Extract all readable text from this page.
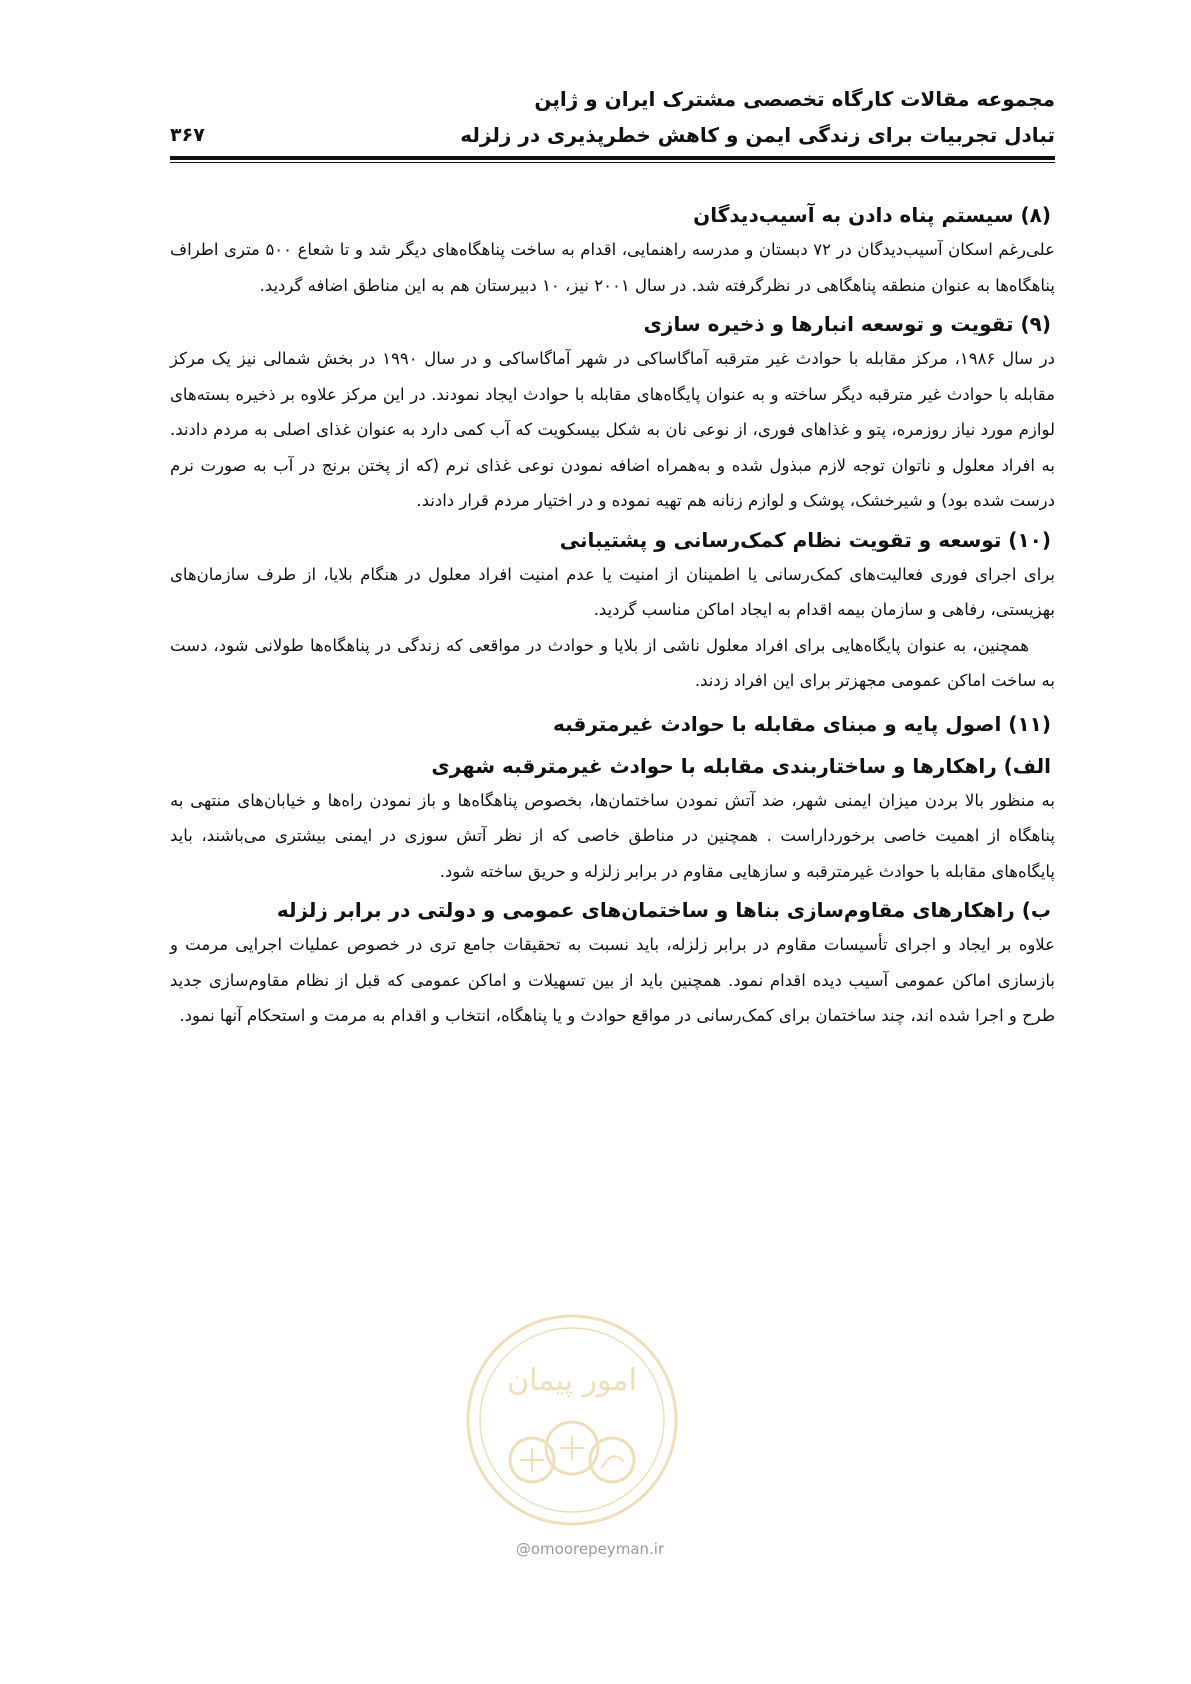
مجموعه مقالات کارگاه تخصصی مشترک ایران و ژاپن
تبادل تجربیات برای زندگی ایمن و کاهش خطرپذیری در زلزله
۳۶۷
(۸) سیستم پناه دادن به آسیب‌دیدگان

علی‌رغم اسکان آسیب‌دیدگان در ۷۲ دبستان و مدرسه راهنمایی، اقدام به ساخت پناهگاه‌های دیگر شد و تا شعاع ۵۰۰ متری اطراف پناهگاه‌ها به عنوان منطقه پناهگاهی در نظرگرفته شد. در سال ۲۰۰۱ نیز، ۱۰ دبیرستان هم به این مناطق اضافه گردید.

(۹) تقویت و توسعه انبارها و ذخیره سازی

در سال ۱۹۸۶، مرکز مقابله با حوادث غیر مترقبه آماگاساکی در شهر آماگاساکی و در سال ۱۹۹۰ در بخش شمالی نیز یک مرکز مقابله با حوادث غیر مترقبه دیگر ساخته و به عنوان پایگاه‌های مقابله با حوادث ایجاد نمودند. در این مرکز علاوه بر ذخیره بسته‌های لوازم مورد نیاز روزمره، پتو و غذاهای فوری، از نوعی نان به شکل بیسکویت که آب کمی دارد به عنوان غذای اصلی به مردم دادند. به افراد معلول و ناتوان توجه لازم مبذول شده و به‌همراه اضافه نمودن نوعی غذای نرم (که از پختن برنج در آب به صورت نرم درست شده بود) و شیرخشک، پوشک و لوازم زنانه هم تهیه نموده و در اختیار مردم قرار دادند.

(۱۰) توسعه و تقویت نظام کمک‌رسانی و پشتیبانی

برای اجرای فوری فعالیت‌های کمک‌رسانی یا اطمینان از امنیت یا عدم امنیت افراد معلول در هنگام بلایا، از طرف سازمان‌های بهزیستی، رفاهی و سازمان بیمه اقدام به ایجاد اماکن مناسب گردید.

همچنین، به عنوان پایگاه‌هایی برای افراد معلول ناشی از بلایا و حوادث در مواقعی که زندگی در پناهگاه‌ها طولانی شود، دست به ساخت اماکن عمومی مجهزتر برای این افراد زدند.

(۱۱) اصول پایه و مبنای مقابله با حوادث غیرمترقبه
الف) راهکارها و ساختاربندی مقابله با حوادث غیرمترقبه شهری

به منظور بالا بردن میزان ایمنی شهر، ضد آتش نمودن ساختمان‌ها، بخصوص پناهگاه‌ها و باز نمودن راه‌ها و خیابان‌های منتهی به پناهگاه از اهمیت خاصی برخورداراست . همچنین در مناطق خاصی که از نظر آتش سوزی در ایمنی بیشتری می‌باشند، باید پایگاه‌های مقابله با حوادث غیرمترقبه و سازهایی مقاوم در برابر زلزله و حریق ساخته شود.

ب) راهکارهای مقاوم‌سازی بناها و ساختمان‌های عمومی و دولتی در برابر زلزله

علاوه بر ایجاد و اجرای تأسیسات مقاوم در برابر زلزله، باید نسبت به تحقیقات جامع تری در خصوص عملیات اجرایی مرمت و بازسازی اماکن عمومی آسیب دیده اقدام نمود. همچنین باید از بین تسهیلات و اماکن عمومی که قبل از نظام مقاوم‌سازی جدید طرح و اجرا شده اند، چند ساختمان برای کمک‌رسانی در مواقع حوادث و یا پناهگاه، انتخاب و اقدام به مرمت و استحکام آنها نمود.

امور پیمان
@omoorepeyman.ir
